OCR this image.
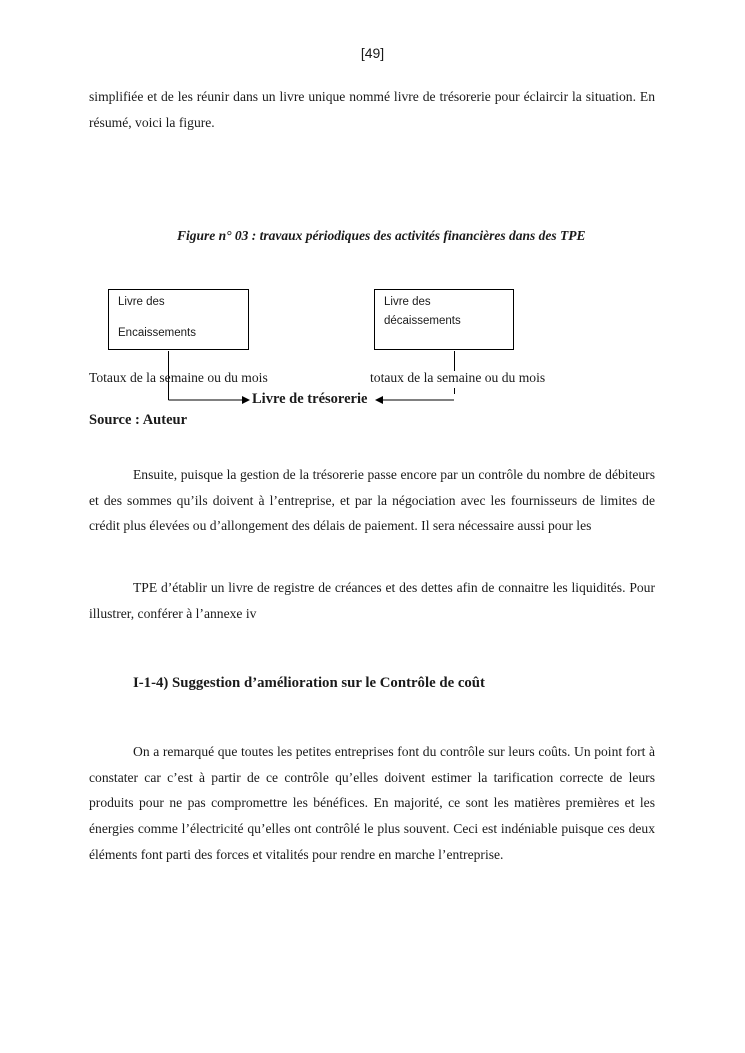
[49]
simplifiée et de les réunir dans un livre unique nommé livre de trésorerie pour éclaircir la situation. En résumé, voici la figure.
Figure n° 03 : travaux périodiques des activités financières dans des TPE
Livre des
Encaissements
Livre des
décaissements
Totaux de la semaine ou du mois	totaux de la semaine ou du mois
Livre de trésorerie
Source : Auteur
Ensuite, puisque la gestion de la trésorerie passe encore par un contrôle du nombre de débiteurs et des sommes qu’ils doivent à l’entreprise, et par la négociation avec les fournisseurs de limites de crédit plus élevées ou d’allongement des délais de paiement. Il sera nécessaire aussi pour les
TPE d’établir un livre de registre de créances et des dettes afin de connaitre les liquidités. Pour illustrer, conférer à l’annexe iv
I-1-4) Suggestion d’amélioration sur le Contrôle de coût
On a remarqué que toutes les petites entreprises font du contrôle sur leurs coûts. Un point fort à constater car c’est à partir de ce contrôle qu’elles doivent estimer la tarification correcte de leurs produits pour ne pas compromettre les bénéfices. En majorité, ce sont les matières premières et les énergies comme l’électricité qu’elles ont contrôlé le plus souvent. Ceci est indéniable puisque ces deux éléments font parti des forces et vitalités pour rendre en marche l’entreprise.
